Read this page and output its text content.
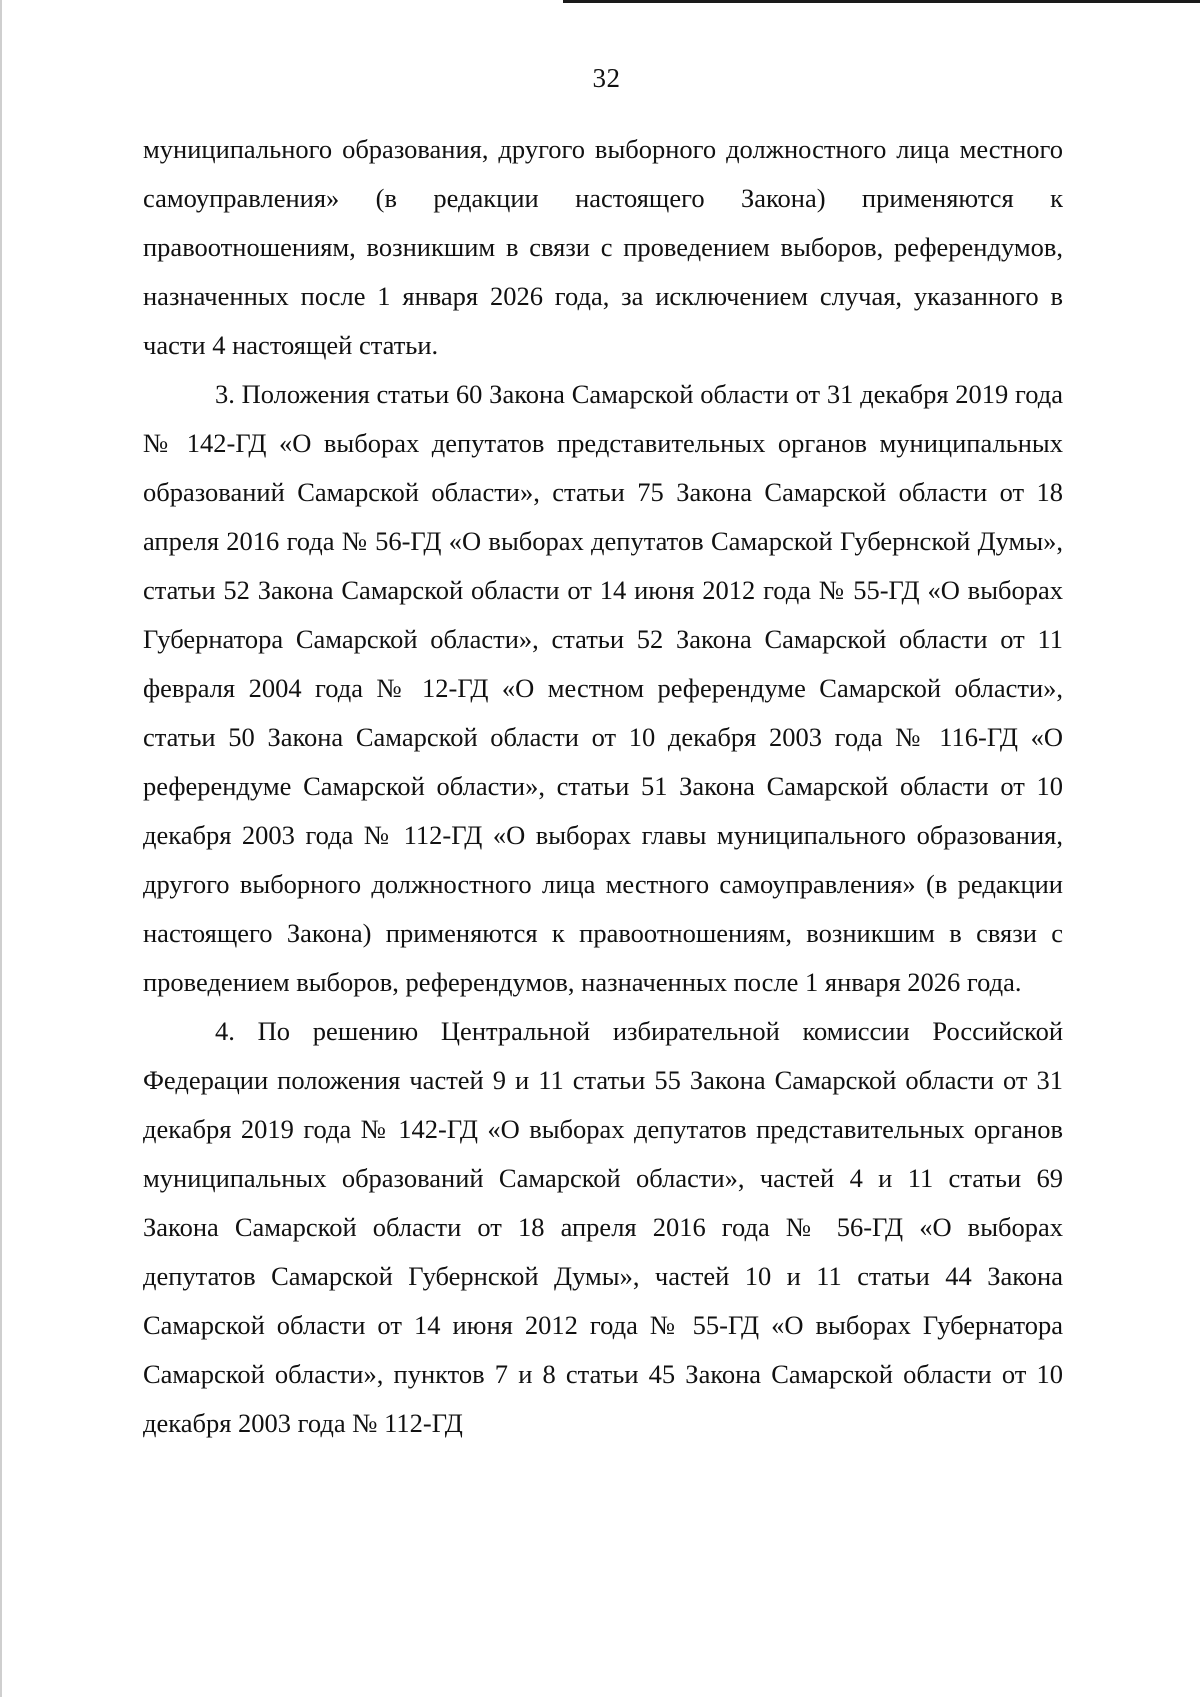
32

муниципального образования, другого выборного должностного лица местного самоуправления» (в редакции настоящего Закона) применяются к правоотношениям, возникшим в связи с проведением выборов, референдумов, назначенных после 1 января 2026 года, за исключением случая, указанного в части 4 настоящей статьи.

3. Положения статьи 60 Закона Самарской области от 31 декабря 2019 года № 142-ГД «О выборах депутатов представительных органов муниципальных образований Самарской области», статьи 75 Закона Самарской области от 18 апреля 2016 года № 56-ГД «О выборах депутатов Самарской Губернской Думы», статьи 52 Закона Самарской области от 14 июня 2012 года № 55-ГД «О выборах Губернатора Самарской области», статьи 52 Закона Самарской области от 11 февраля 2004 года № 12-ГД «О местном референдуме Самарской области», статьи 50 Закона Самарской области от 10 декабря 2003 года № 116-ГД «О референдуме Самарской области», статьи 51 Закона Самарской области от 10 декабря 2003 года № 112-ГД «О выборах главы муниципального образования, другого выборного должностного лица местного самоуправления» (в редакции настоящего Закона) применяются к правоотношениям, возникшим в связи с проведением выборов, референдумов, назначенных после 1 января 2026 года.

4. По решению Центральной избирательной комиссии Российской Федерации положения частей 9 и 11 статьи 55 Закона Самарской области от 31 декабря 2019 года № 142-ГД «О выборах депутатов представительных органов муниципальных образований Самарской области», частей 4 и 11 статьи 69 Закона Самарской области от 18 апреля 2016 года № 56-ГД «О выборах депутатов Самарской Губернской Думы», частей 10 и 11 статьи 44 Закона Самарской области от 14 июня 2012 года № 55-ГД «О выборах Губернатора Самарской области», пунктов 7 и 8 статьи 45 Закона Самарской области от 10 декабря 2003 года № 112-ГД
